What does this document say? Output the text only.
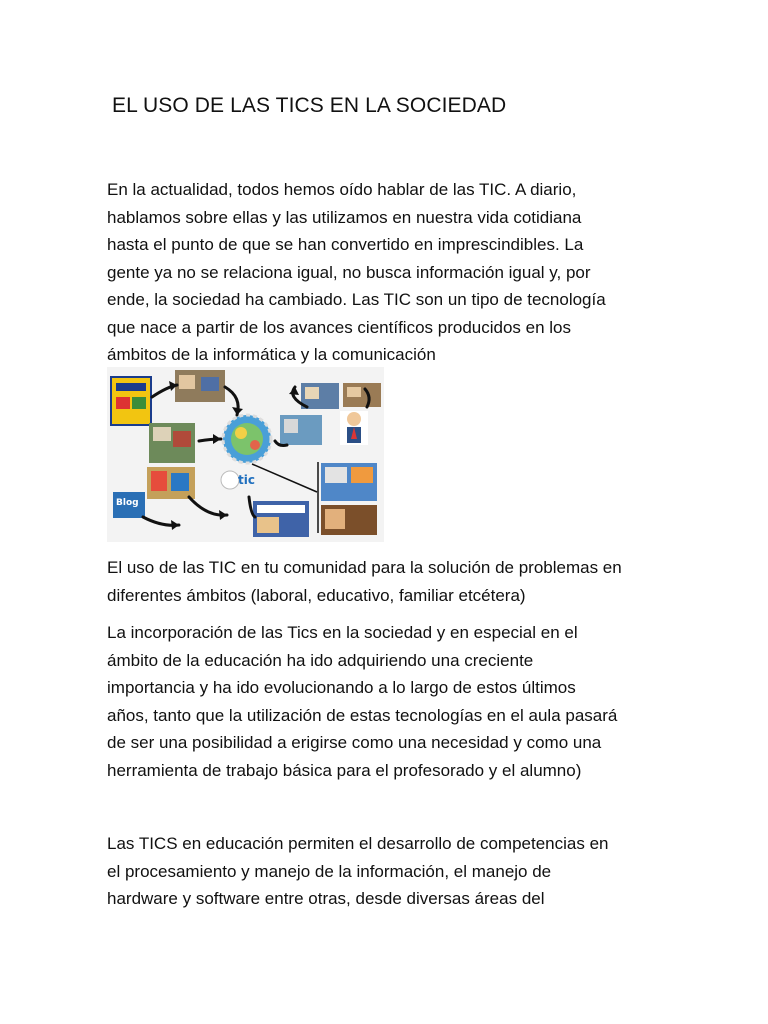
EL USO DE LAS TICS EN LA SOCIEDAD

En la actualidad, todos hemos oído hablar de las TIC. A diario,
hablamos sobre ellas y las utilizamos en nuestra vida cotidiana
hasta el punto de que se han convertido en imprescindibles. La
gente ya no se relaciona igual, no busca información igual y, por
ende, la sociedad ha cambiado. Las TIC son un tipo de tecnología
que nace a partir de los avances científicos producidos en los
ámbitos de la informática y la comunicación

Blog
tic

El uso de las TIC en tu comunidad para la solución de problemas en
diferentes ámbitos (laboral, educativo, familiar etcétera)

La incorporación de las Tics en la sociedad y en especial en el
ámbito de la educación ha ido adquiriendo una creciente
importancia y ha ido evolucionando a lo largo de estos últimos
años, tanto que la utilización de estas tecnologías en el aula pasará
de ser una posibilidad a erigirse como una necesidad y como una
herramienta de trabajo básica para el profesorado y el alumno)

Las TICS en educación permiten el desarrollo de competencias en
el procesamiento y manejo de la información, el manejo de
hardware y software entre otras, desde diversas áreas del
